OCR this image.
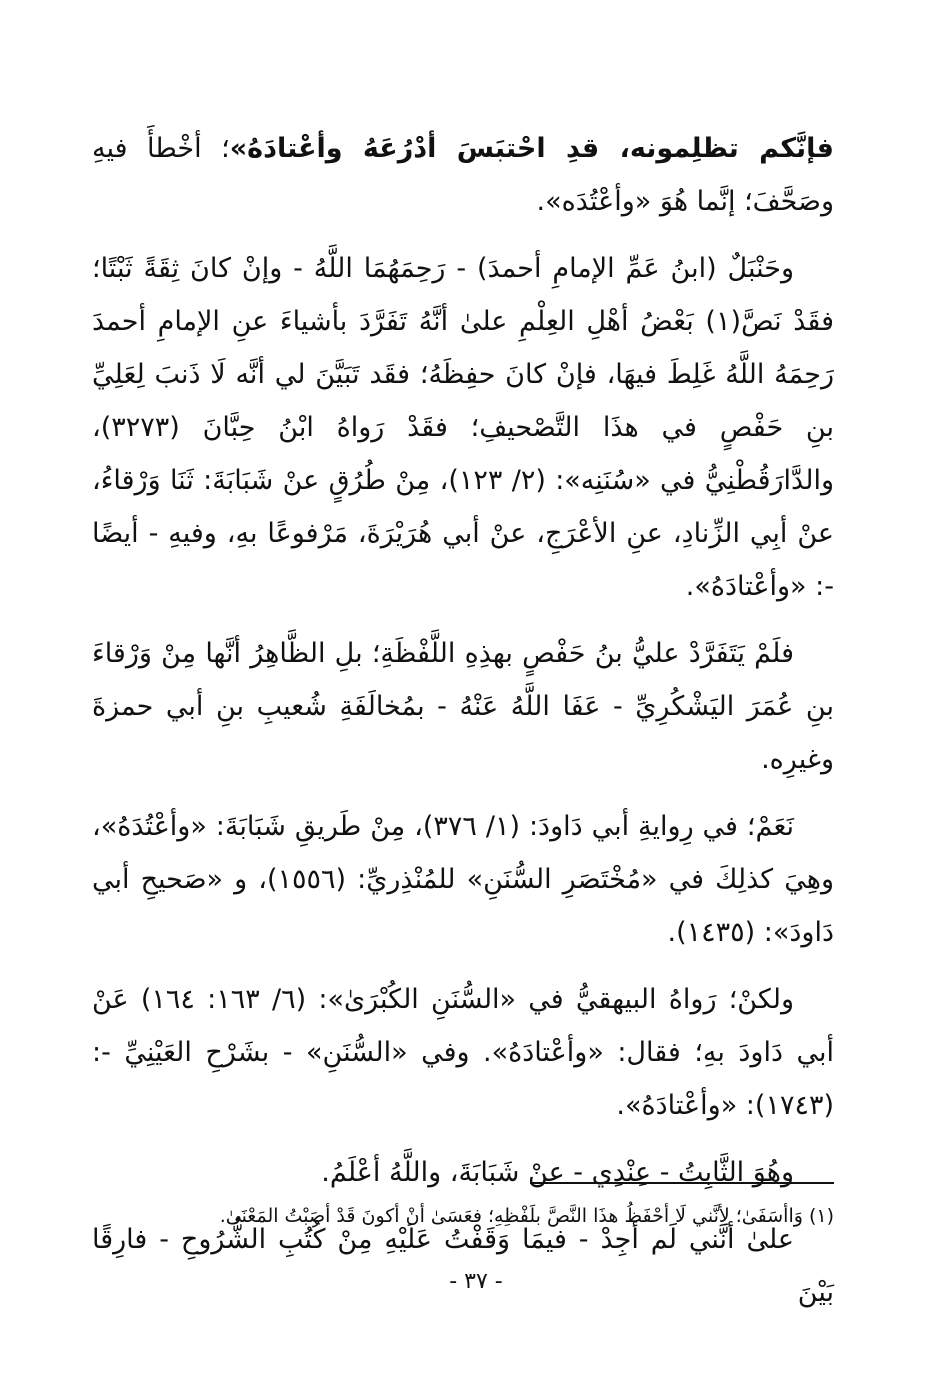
فإنَّكم تظلِمونه، قدِ احْتبَسَ أدْرُعَهُ وأعْتادَهُ»؛ أخْطأَ فيهِ وصَحَّفَ؛ إنَّما هُوَ «وأعْتُدَه».

وحَنْبَلٌ (ابنُ عَمِّ الإمامِ أحمدَ) - رَحِمَهُمَا اللَّهُ - وإنْ كانَ ثِقَةً ثَبْتًا؛ فقَدْ نَصَّ(١) بَعْضُ أهْلِ العِلْمِ علىٰ أنَّهُ تَفَرَّدَ بأشياءَ عنِ الإمامِ أحمدَ رَحِمَهُ اللَّهُ غَلِطَ فيهَا، فإنْ كانَ حفِظَهُ؛ فقَد تَبَيَّنَ لي أنَّه لَا ذَنبَ لِعَلِيِّ بنِ حَفْصٍ في هذَا التَّصْحيفِ؛ فقَدْ رَواهُ ابْنُ حِبَّانَ (٣٢٧٣)، والدَّارَقُطْنِيُّ في «سُنَنِه»: (٢/ ١٢٣)، مِنْ طُرُقٍ عنْ شَبَابَةَ: ثَنَا وَرْقاءُ، عنْ أبِي الزِّنادِ، عنِ الأعْرَجِ، عنْ أبي هُرَيْرَةَ، مَرْفوعًا بهِ، وفيهِ - أيضًا -: «وأعْتادَهُ».

فلَمْ يَتَفَرَّدْ عليُّ بنُ حَفْصٍ بهذِهِ اللَّفْظَةِ؛ بلِ الظَّاهِرُ أنَّها مِنْ وَرْقاءَ بنِ عُمَرَ اليَشْكُرِيِّ - عَفَا اللَّهُ عَنْهُ - بمُخالَفَةِ شُعيبِ بنِ أبي حمزةَ وغيرِه.

نَعَمْ؛ في رِوايةِ أبي دَاودَ: (١/ ٣٧٦)، مِنْ طَريقِ شَبَابَةَ: «وأعْتُدَهُ»، وهِيَ كذلِكَ في «مُخْتَصَرِ السُّنَنِ» للمُنْذِريِّ: (١٥٥٦)، و «صَحيحِ أبي دَاودَ»: (١٤٣٥).

ولكنْ؛ رَواهُ البيهقيُّ في «السُّنَنِ الكُبْرَىٰ»: (٦/ ١٦٣: ١٦٤) عَنْ أبي دَاودَ بهِ؛ فقال: «وأعْتادَهُ». وفي «السُّنَنِ» - بشَرْحِ العَيْنِيِّ -: (١٧٤٣): «وأعْتادَهُ».

وهُوَ الثَّابِتُ - عِنْدِي - عنْ شَبَابَةَ، واللَّهُ أعْلَمُ.

علىٰ أنَّني لَم أجِدْ - فيمَا وَقَفْتُ عَلَيْهِ مِنْ كُتُبِ الشُّرُوحِ - فارِقًا بَيْنَ

(١) وَاأسَفَىٰ؛ لِأنَّني لَا أحْفَظُ هذَا النَّصَّ بلَفْظِهِ؛ فعَسَىٰ أنْ أكونَ قَدْ أصَبْتُ المَعْنَىٰ.
- ٣٧ -
